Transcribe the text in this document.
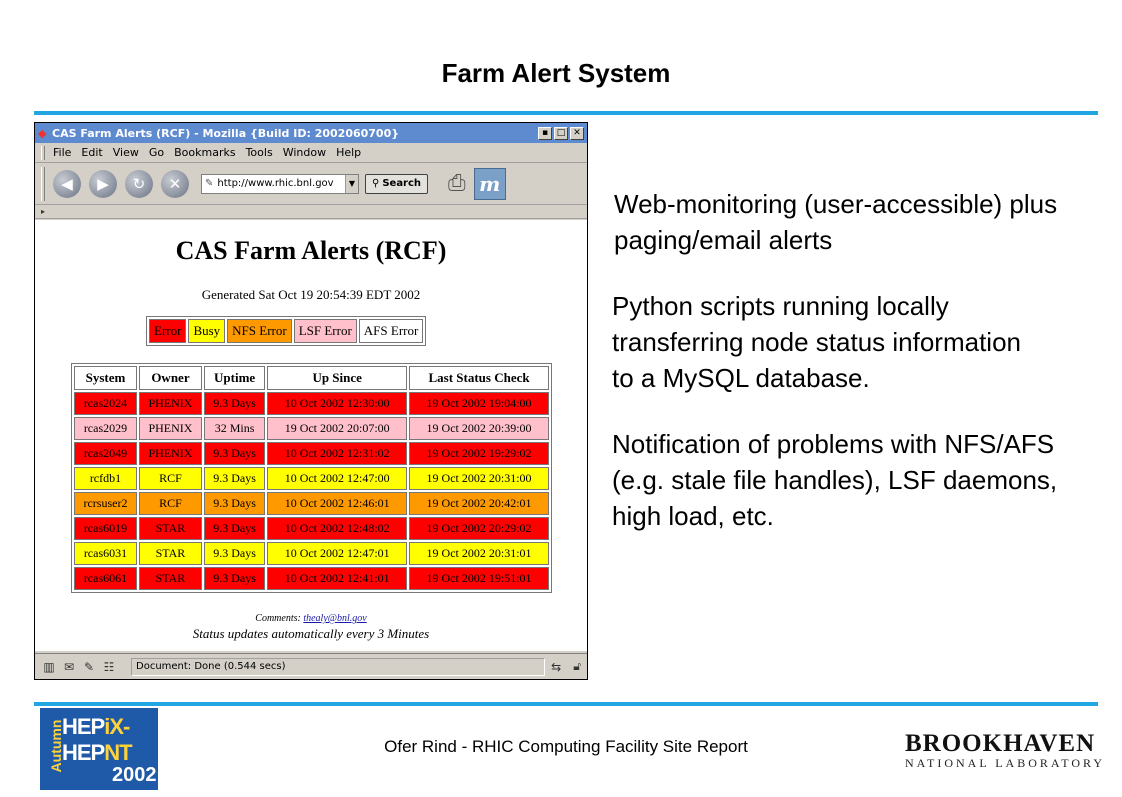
Farm Alert System
◆ CAS Farm Alerts (RCF) - Mozilla {Build ID: 2002060700}	▪ □ ✕
File Edit View Go Bookmarks Tools Window Help
◀	▶	↻	✕	✎ http://www.rhic.bnl.gov	▼ ⚲ Search ⎙ m
▸
CAS Farm Alerts (RCF)
Generated Sat Oct 19 20:54:39 EDT 2002
Error	Busy	NFS Error	LSF Error	AFS Error
System	Owner	Uptime	Up Since	Last Status Check
rcas2024	PHENIX	9.3 Days	10 Oct 2002 12:30:00	19 Oct 2002 19:04:00
rcas2029	PHENIX	32 Mins	19 Oct 2002 20:07:00	19 Oct 2002 20:39:00
rcas2049	PHENIX	9.3 Days	10 Oct 2002 12:31:02	19 Oct 2002 19:29:02
rcfdb1	RCF	9.3 Days	10 Oct 2002 12:47:00	19 Oct 2002 20:31:00
rcrsuser2	RCF	9.3 Days	10 Oct 2002 12:46:01	19 Oct 2002 20:42:01
rcas6019	STAR	9.3 Days	10 Oct 2002 12:48:02	19 Oct 2002 20:29:02
rcas6031	STAR	9.3 Days	10 Oct 2002 12:47:01	19 Oct 2002 20:31:01
rcas6061	STAR	9.3 Days	10 Oct 2002 12:41:01	19 Oct 2002 19:51:01
Comments: thealy@bnl.gov
Status updates automatically every 3 Minutes
▥ ✉ ✎ ☷	Document: Done (0.544 secs)	⇆ 🔓︎
Web-monitoring (user-accessible) plus paging/email alerts
Python scripts running locally transferring node status information to a MySQL database.
Notification of problems with NFS/AFS (e.g. stale file handles), LSF daemons, high load, etc.
Autumn
HEPiX-
HEPNT
2002
Ofer Rind - RHIC Computing Facility Site Report	BROOKHAVEN
NATIONAL LABORATORY
